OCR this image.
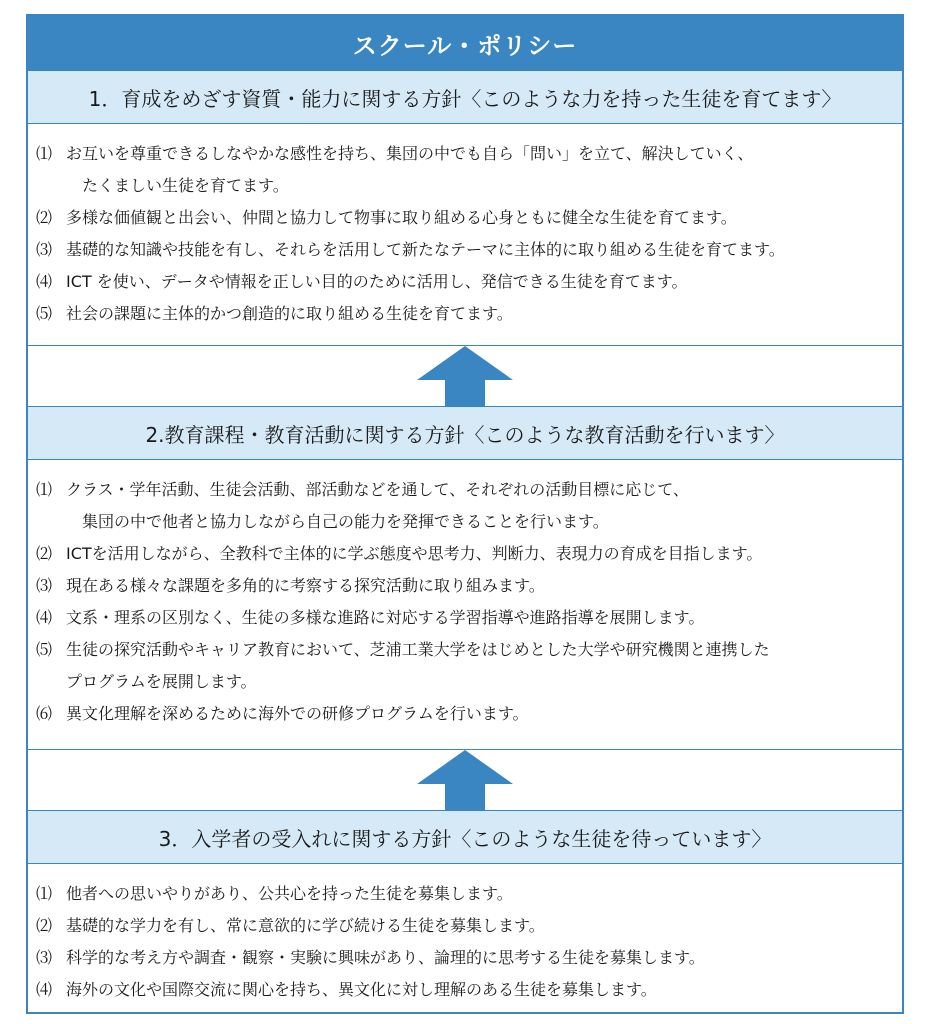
スクール・ポリシー
1．育成をめざす資質・能力に関する方針〈このような力を持った生徒を育てます〉
⑴ お互いを尊重できるしなやかな感性を持ち、集団の中でも自ら「問い」を立て、解決していく、
たくましい生徒を育てます。
⑵ 多様な価値観と出会い、仲間と協力して物事に取り組める心身ともに健全な生徒を育てます。
⑶ 基礎的な知識や技能を有し、それらを活用して新たなテーマに主体的に取り組める生徒を育てます。
⑷ ICT を使い、データや情報を正しい目的のために活用し、発信できる生徒を育てます。
⑸ 社会の課題に主体的かつ創造的に取り組める生徒を育てます。
2.教育課程・教育活動に関する方針〈このような教育活動を行います〉
⑴ クラス・学年活動、生徒会活動、部活動などを通して、それぞれの活動目標に応じて、
集団の中で他者と協力しながら自己の能力を発揮できることを行います。
⑵ ICTを活用しながら、全教科で主体的に学ぶ態度や思考力、判断力、表現力の育成を目指します。
⑶ 現在ある様々な課題を多角的に考察する探究活動に取り組みます。
⑷ 文系・理系の区別なく、生徒の多様な進路に対応する学習指導や進路指導を展開します。
⑸ 生徒の探究活動やキャリア教育において、芝浦工業大学をはじめとした大学や研究機関と連携した
プログラムを展開します。
⑹ 異文化理解を深めるために海外での研修プログラムを行います。
3．入学者の受入れに関する方針〈このような生徒を待っています〉
⑴ 他者への思いやりがあり、公共心を持った生徒を募集します。
⑵ 基礎的な学力を有し、常に意欲的に学び続ける生徒を募集します。
⑶ 科学的な考え方や調査・観察・実験に興味があり、論理的に思考する生徒を募集します。
⑷ 海外の文化や国際交流に関心を持ち、異文化に対し理解のある生徒を募集します。
